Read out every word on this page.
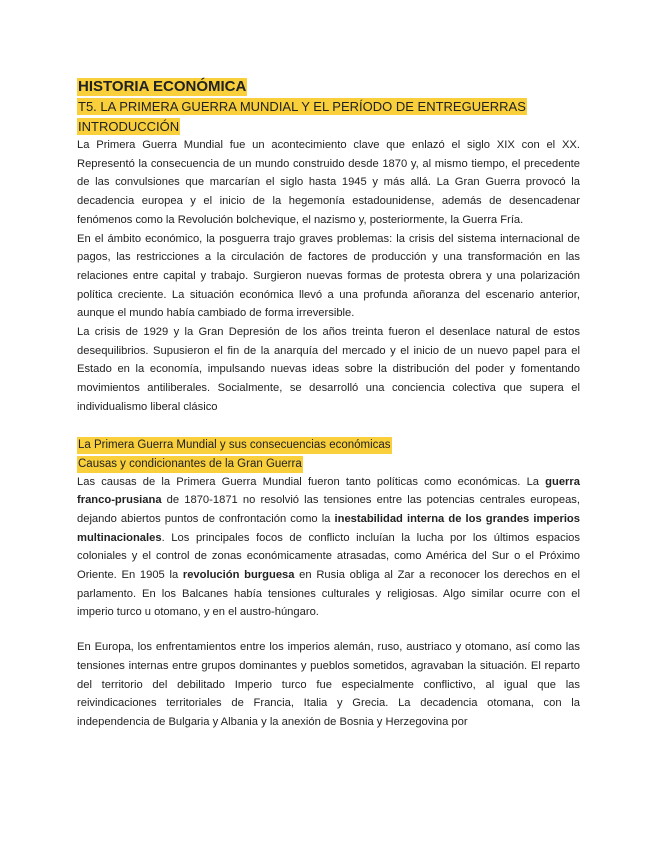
HISTORIA ECONÓMICA
T5. LA PRIMERA GUERRA MUNDIAL Y EL PERÍODO DE ENTREGUERRAS
INTRODUCCIÓN

La Primera Guerra Mundial fue un acontecimiento clave que enlazó el siglo XIX con el XX. Representó la consecuencia de un mundo construido desde 1870 y, al mismo tiempo, el precedente de las convulsiones que marcarían el siglo hasta 1945 y más allá. La Gran Guerra provocó la decadencia europea y el inicio de la hegemonía estadounidense, además de desencadenar fenómenos como la Revolución bolchevique, el nazismo y, posteriormente, la Guerra Fría.

En el ámbito económico, la posguerra trajo graves problemas: la crisis del sistema internacional de pagos, las restricciones a la circulación de factores de producción y una transformación en las relaciones entre capital y trabajo. Surgieron nuevas formas de protesta obrera y una polarización política creciente. La situación económica llevó a una profunda añoranza del escenario anterior, aunque el mundo había cambiado de forma irreversible.

La crisis de 1929 y la Gran Depresión de los años treinta fueron el desenlace natural de estos desequilibrios. Supusieron el fin de la anarquía del mercado y el inicio de un nuevo papel para el Estado en la economía, impulsando nuevas ideas sobre la distribución del poder y fomentando movimientos antiliberales. Socialmente, se desarrolló una conciencia colectiva que supera el individualismo liberal clásico

La Primera Guerra Mundial y sus consecuencias económicas
Causas y condicionantes de la Gran Guerra

Las causas de la Primera Guerra Mundial fueron tanto políticas como económicas. La guerra franco-prusiana de 1870-1871 no resolvió las tensiones entre las potencias centrales europeas, dejando abiertos puntos de confrontación como la inestabilidad interna de los grandes imperios multinacionales. Los principales focos de conflicto incluían la lucha por los últimos espacios coloniales y el control de zonas económicamente atrasadas, como América del Sur o el Próximo Oriente. En 1905 la revolución burguesa en Rusia obliga al Zar a reconocer los derechos en el parlamento. En los Balcanes había tensiones culturales y religiosas. Algo similar ocurre con el imperio turco u otomano, y en el austro-húngaro.

En Europa, los enfrentamientos entre los imperios alemán, ruso, austriaco y otomano, así como las tensiones internas entre grupos dominantes y pueblos sometidos, agravaban la situación. El reparto del territorio del debilitado Imperio turco fue especialmente conflictivo, al igual que las reivindicaciones territoriales de Francia, Italia y Grecia. La decadencia otomana, con la independencia de Bulgaria y Albania y la anexión de Bosnia y Herzegovina por
